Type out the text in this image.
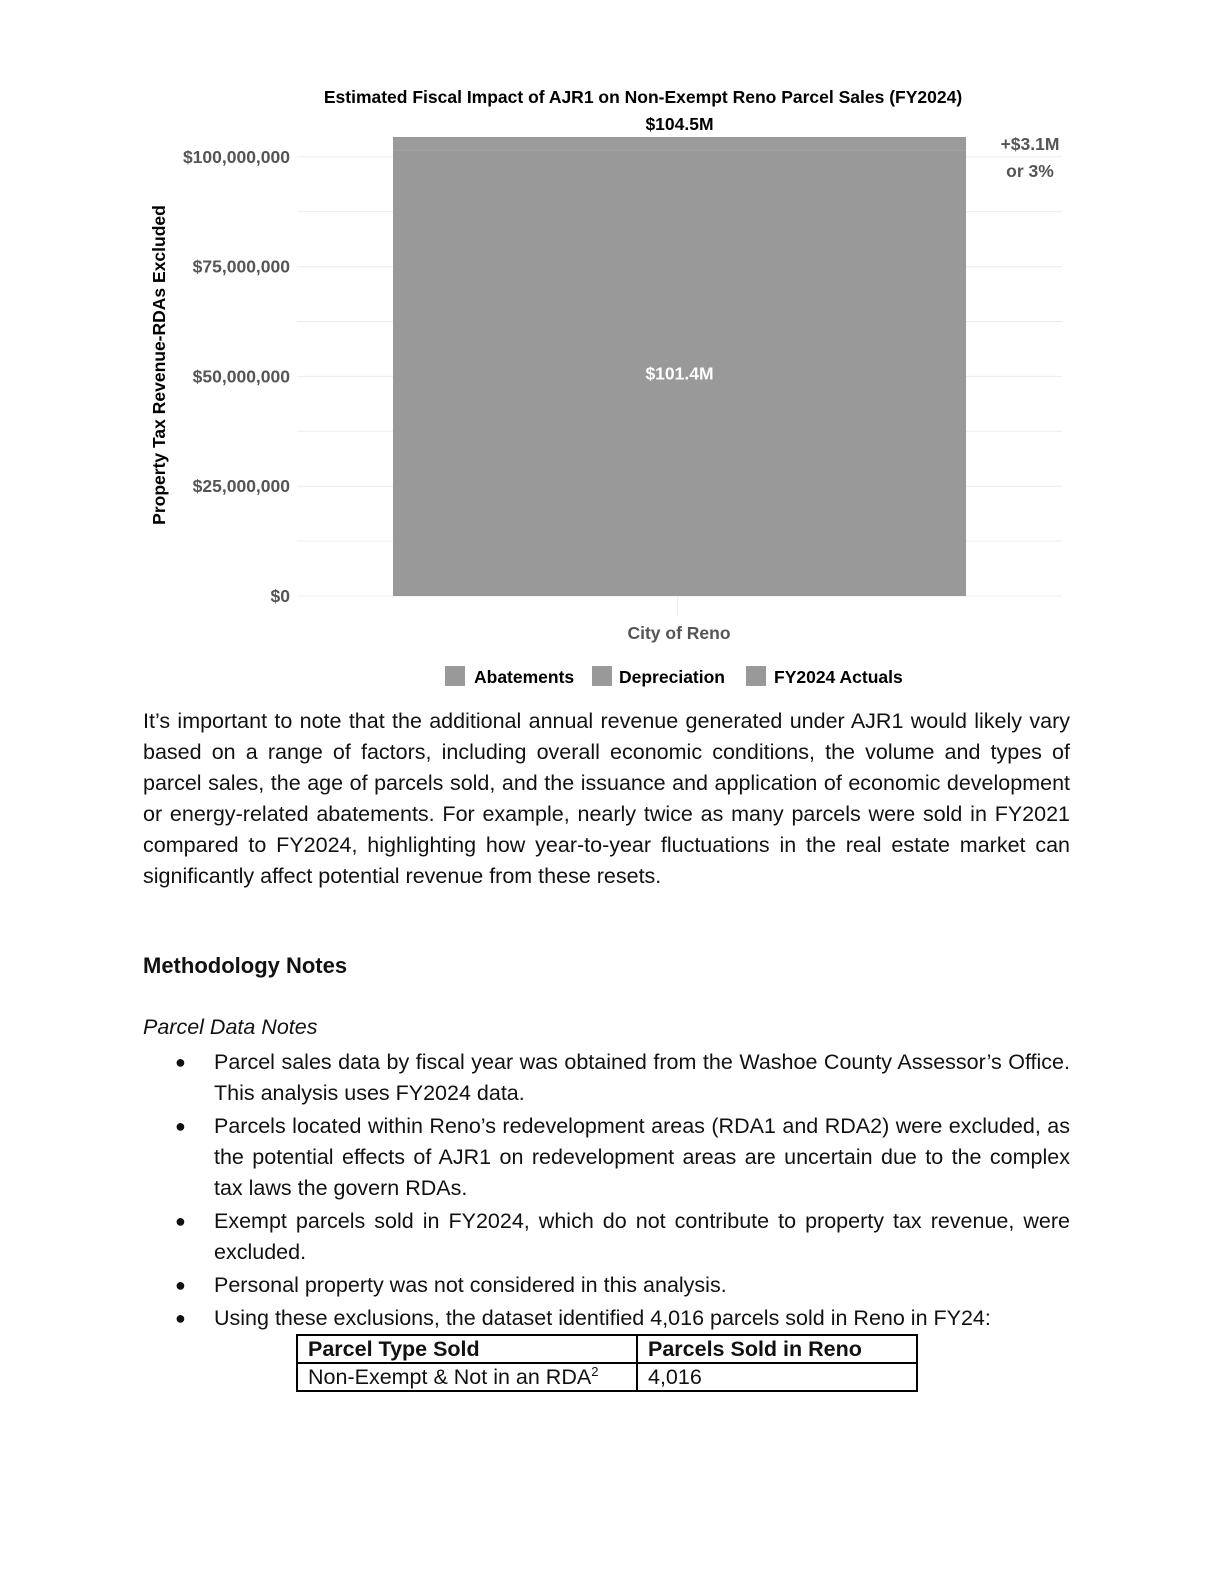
$0
$25,000,000
$50,000,000
$75,000,000
$100,000,000
Estimated Fiscal Impact of AJR1 on Non-Exempt Reno Parcel Sales (FY2024)
Property Tax Revenue-RDAs Excluded
$104.5M
$101.4M
+$3.1M
or 3%
City of Reno
Abatements	Depreciation	FY2024 Actuals

It’s important to note that the additional annual revenue generated under AJR1 would likely vary based on a range of factors, including overall economic conditions, the volume and types of parcel sales, the age of parcels sold, and the issuance and application of economic development or energy-related abatements. For example, nearly twice as many parcels were sold in FY2021 compared to FY2024, highlighting how year-to-year fluctuations in the real estate market can significantly affect potential revenue from these resets.

Methodology Notes

Parcel Data Notes

● Parcel sales data by fiscal year was obtained from the Washoe County Assessor’s Office. This analysis uses FY2024 data.
● Parcels located within Reno’s redevelopment areas (RDA1 and RDA2) were excluded, as the potential effects of AJR1 on redevelopment areas are uncertain due to the complex tax laws the govern RDAs.
● Exempt parcels sold in FY2024, which do not contribute to property tax revenue, were excluded.
● Personal property was not considered in this analysis.
● Using these exclusions, the dataset identified 4,016 parcels sold in Reno in FY24:
Parcel Type Sold	Parcels Sold in Reno
Non-Exempt & Not in an RDA$^2$	4,016
